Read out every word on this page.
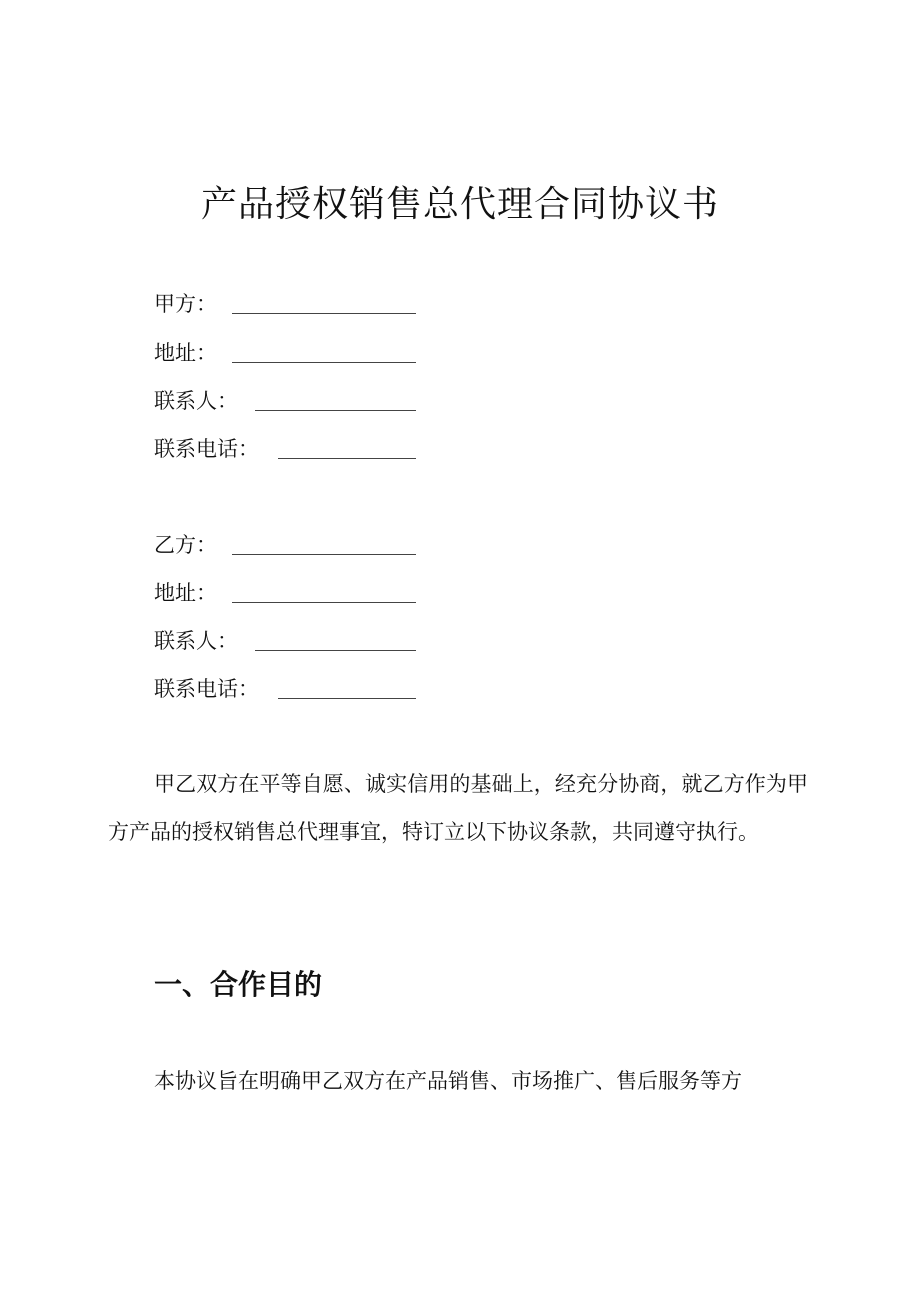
产品授权销售总代理合同协议书
甲方：
地址：
联系人：
联系电话：
乙方：
地址：
联系人：
联系电话：
甲乙双方在平等自愿、诚实信用的基础上，经充分协商，就乙方作为甲方产品的授权销售总代理事宜，特订立以下协议条款，共同遵守执行。
一、合作目的
本协议旨在明确甲乙双方在产品销售、市场推广、售后服务等方
